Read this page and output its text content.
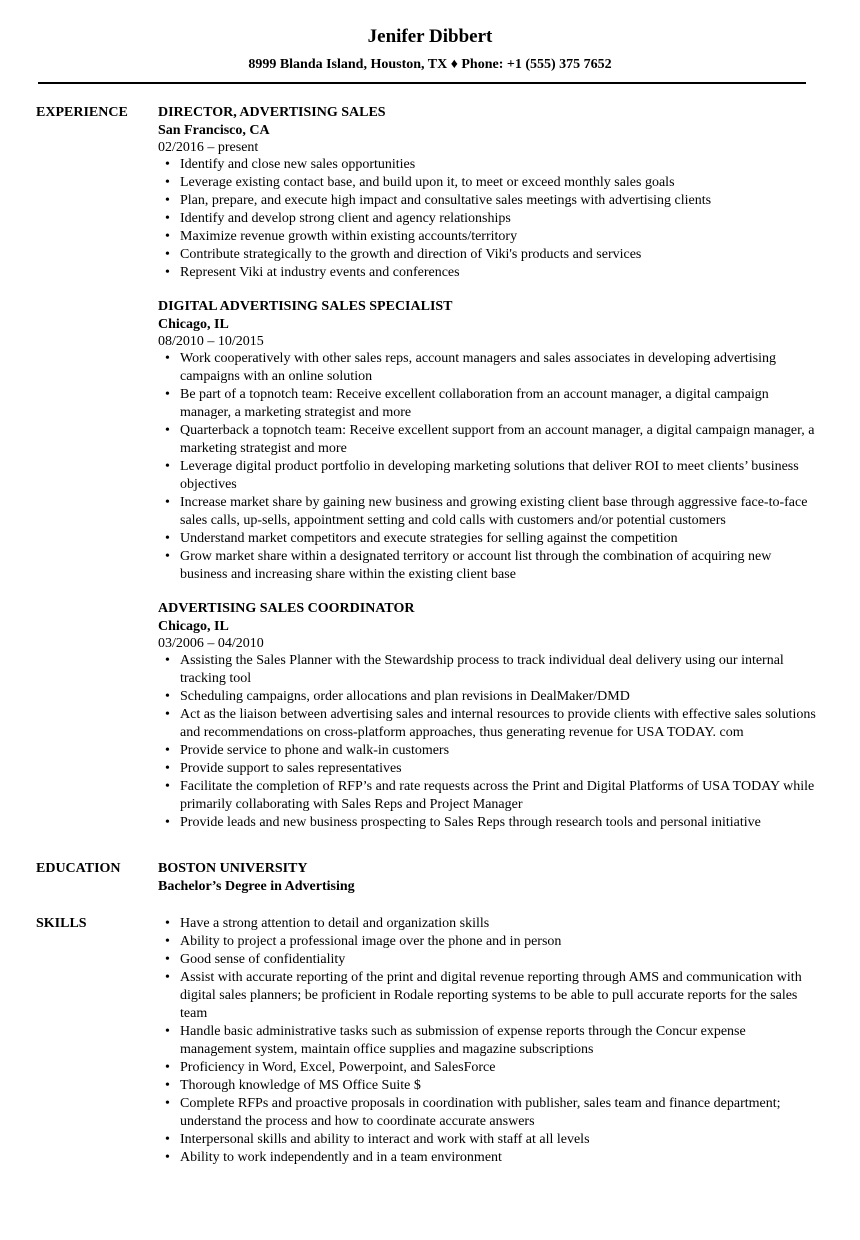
Jenifer Dibbert
8999 Blanda Island, Houston, TX ♦ Phone: +1 (555) 375 7652
EXPERIENCE DIRECTOR, ADVERTISING SALES
San Francisco, CA
02/2016 – present
• Identify and close new sales opportunities
• Leverage existing contact base, and build upon it, to meet or exceed monthly sales goals
• Plan, prepare, and execute high impact and consultative sales meetings with advertising clients
• Identify and develop strong client and agency relationships
• Maximize revenue growth within existing accounts/territory
• Contribute strategically to the growth and direction of Viki's products and services
• Represent Viki at industry events and conferences
DIGITAL ADVERTISING SALES SPECIALIST
Chicago, IL
08/2010 – 10/2015
• Work cooperatively with other sales reps, account managers and sales associates in developing advertising campaigns with an online solution
• Be part of a topnotch team: Receive excellent collaboration from an account manager, a digital campaign manager, a marketing strategist and more
• Quarterback a topnotch team: Receive excellent support from an account manager, a digital campaign manager, a marketing strategist and more
• Leverage digital product portfolio in developing marketing solutions that deliver ROI to meet clients’ business objectives
• Increase market share by gaining new business and growing existing client base through aggressive face-to-face sales calls, up-sells, appointment setting and cold calls with customers and/or potential customers
• Understand market competitors and execute strategies for selling against the competition
• Grow market share within a designated territory or account list through the combination of acquiring new business and increasing share within the existing client base
ADVERTISING SALES COORDINATOR
Chicago, IL
03/2006 – 04/2010
• Assisting the Sales Planner with the Stewardship process to track individual deal delivery using our internal tracking tool
• Scheduling campaigns, order allocations and plan revisions in DealMaker/DMD
• Act as the liaison between advertising sales and internal resources to provide clients with effective sales solutions and recommendations on cross-platform approaches, thus generating revenue for USA TODAY. com
• Provide service to phone and walk-in customers
• Provide support to sales representatives
• Facilitate the completion of RFP’s and rate requests across the Print and Digital Platforms of USA TODAY while primarily collaborating with Sales Reps and Project Manager
• Provide leads and new business prospecting to Sales Reps through research tools and personal initiative
EDUCATION	BOSTON UNIVERSITY
Bachelor’s Degree in Advertising
SKILLS
•	Have a strong attention to detail and organization skills
• Ability to project a professional image over the phone and in person
• Good sense of confidentiality
• Assist with accurate reporting of the print and digital revenue reporting through AMS and communication with digital sales planners; be proficient in Rodale reporting systems to be able to pull accurate reports for the sales team
• Handle basic administrative tasks such as submission of expense reports through the Concur expense management system, maintain office supplies and magazine subscriptions
• Proficiency in Word, Excel, Powerpoint, and SalesForce
• Thorough knowledge of MS Office Suite $
• Complete RFPs and proactive proposals in coordination with publisher, sales team and finance department; understand the process and how to coordinate accurate answers
• Interpersonal skills and ability to interact and work with staff at all levels
• Ability to work independently and in a team environment
